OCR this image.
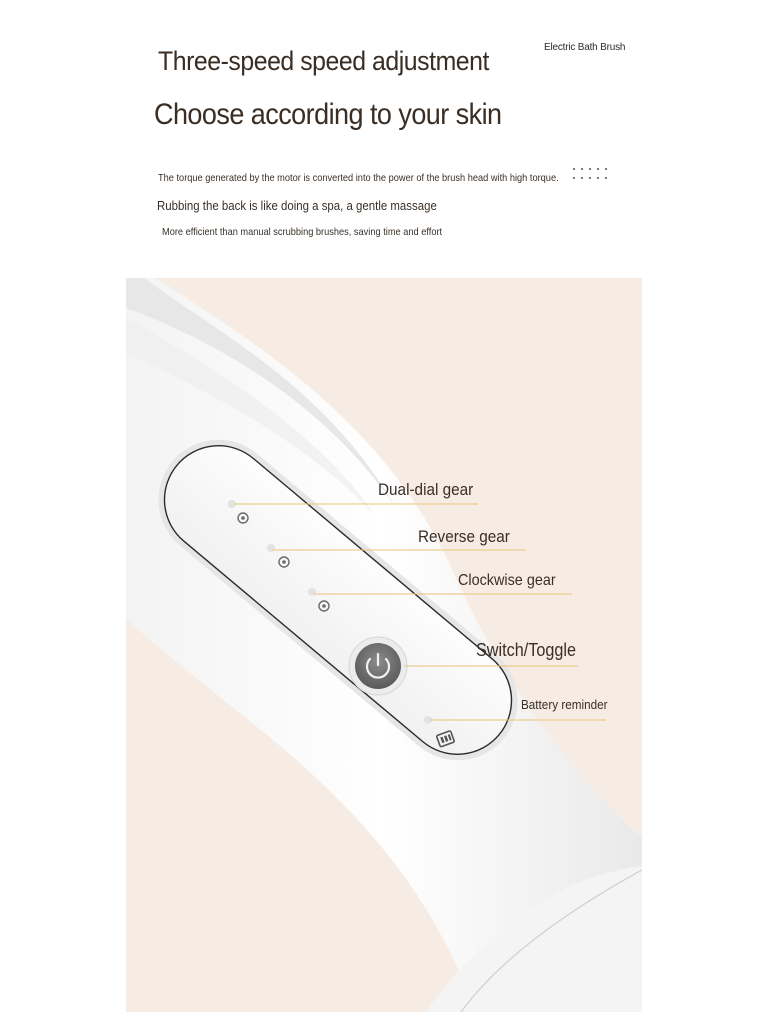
Electric Bath Brush
Three-speed speed adjustment
Choose according to your skin
The torque generated by the motor is converted into the power of the brush head with high torque.
Rubbing the back is like doing a spa, a gentle massage
More efficient than manual scrubbing brushes, saving time and effort
Dual-dial gear
Reverse gear
Clockwise gear
Switch/Toggle
Battery reminder
